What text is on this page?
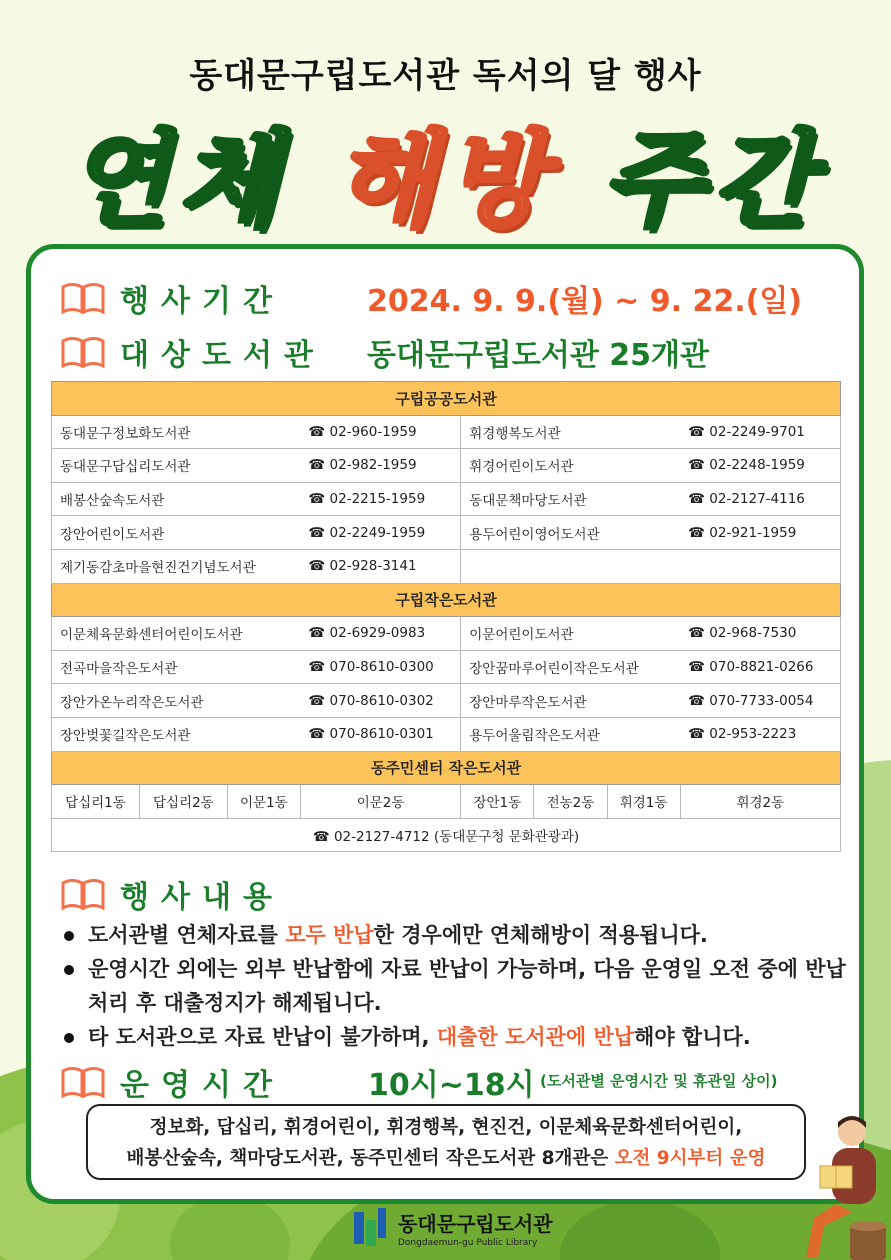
동대문구립도서관 독서의 달 행사
연체 해방 주간
행사기간	2024. 9. 9.(월) ~ 9. 22.(일)
대상도서관 동대문구립도서관 25개관
구립공공도서관							
동대문구정보화도서관			☎ 02-960-1959	휘경행복도서관			☎ 02-2249-9701
동대문구답십리도서관			☎ 02-982-1959	휘경어린이도서관			☎ 02-2248-1959
배봉산숲속도서관			☎ 02-2215-1959	동대문책마당도서관			☎ 02-2127-4116
장안어린이도서관			☎ 02-2249-1959	용두어린이영어도서관			☎ 02-921-1959
제기동감초마을현진건기념도서관			☎ 02-928-3141				
구립작은도서관							
이문체육문화센터어린이도서관			☎ 02-6929-0983	이문어린이도서관			☎ 02-968-7530
전곡마을작은도서관			☎ 070-8610-0300	장안꿈마루어린이작은도서관			☎ 070-8821-0266
장안가온누리작은도서관			☎ 070-8610-0302	장안마루작은도서관			☎ 070-7733-0054
장안벚꽃길작은도서관			☎ 070-8610-0301	용두어울림작은도서관			☎ 02-953-2223
동주민센터 작은도서관							
답십리1동	답십리2동	이문1동	이문2동	장안1동	전농2동	휘경1동	휘경2동
☎ 02-2127-4712 (동대문구청 문화관광과)							
행사내용
도서관별 연체자료를 모두 반납한 경우에만 연체해방이 적용됩니다.
운영시간 외에는 외부 반납함에 자료 반납이 가능하며, 다음 운영일 오전 중에 반납 처리 후 대출정지가 해제됩니다.
타 도서관으로 자료 반납이 불가하며, 대출한 도서관에 반납해야 합니다.
운영시간	10시~18시 (도서관별 운영시간 및 휴관일 상이)
정보화, 답십리, 휘경어린이, 휘경행복, 현진건, 이문체육문화센터어린이,
배봉산숲속, 책마당도서관, 동주민센터 작은도서관 8개관은 오전 9시부터 운영
동대문구립도서관
Dongdaemun-gu Public Library
